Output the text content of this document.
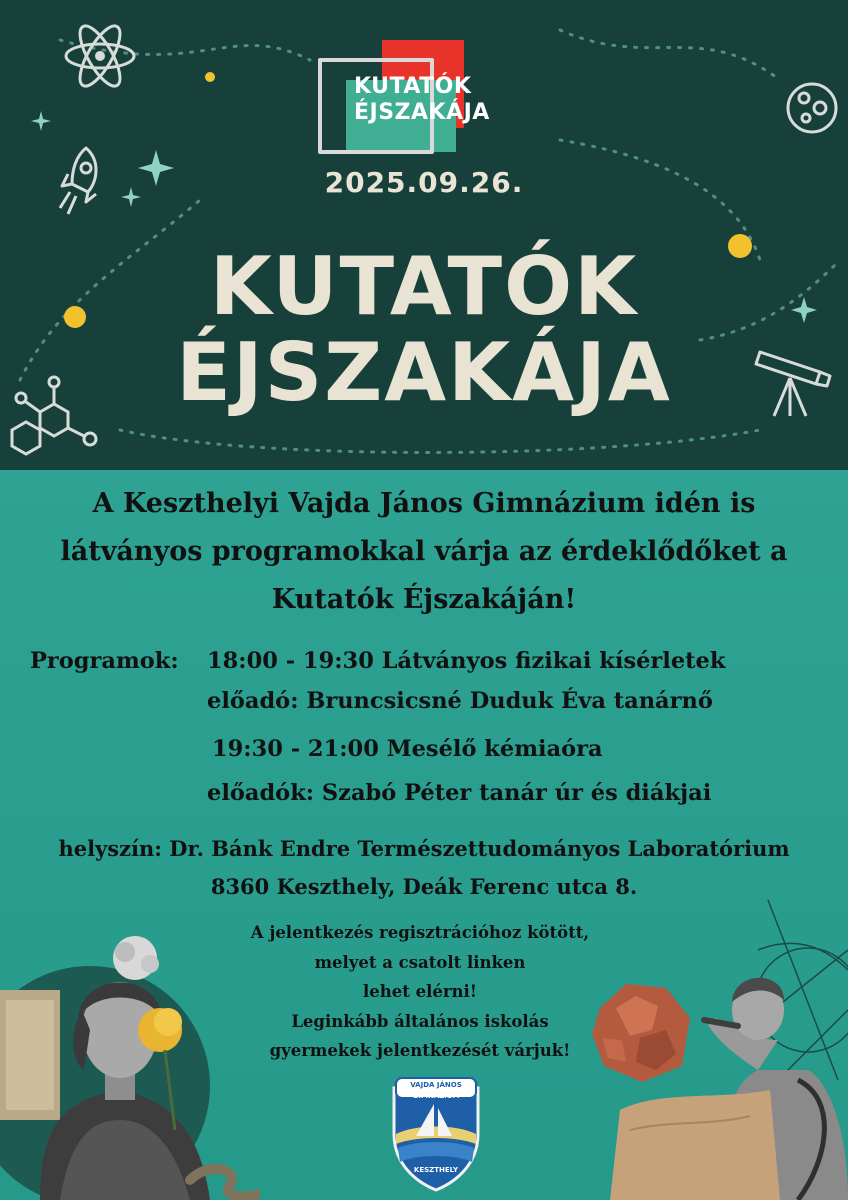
KUTATÓK
ÉJSZAKÁJA
2025.09.26.
KUTATÓK
ÉJSZAKÁJA
VAJDA JÁNOS
GIMNÁZIUM
KESZTHELY
A Keszthelyi Vajda János Gimnázium idén is
látványos programokkal várja az érdeklődőket a
Kutatók Éjszakáján!
Programok: 18:00 - 19:30 Látványos fizikai kísérletek
előadó: Bruncsicsné Duduk Éva tanárnő
19:30 - 21:00 Mesélő kémiaóra
előadók: Szabó Péter tanár úr és diákjai
helyszín: Dr. Bánk Endre Természettudományos Laboratórium
8360 Keszthely, Deák Ferenc utca 8.
A jelentkezés regisztrációhoz kötött,
melyet a csatolt linken
lehet elérni!
Leginkább általános iskolás
gyermekek jelentkezését várjuk!
